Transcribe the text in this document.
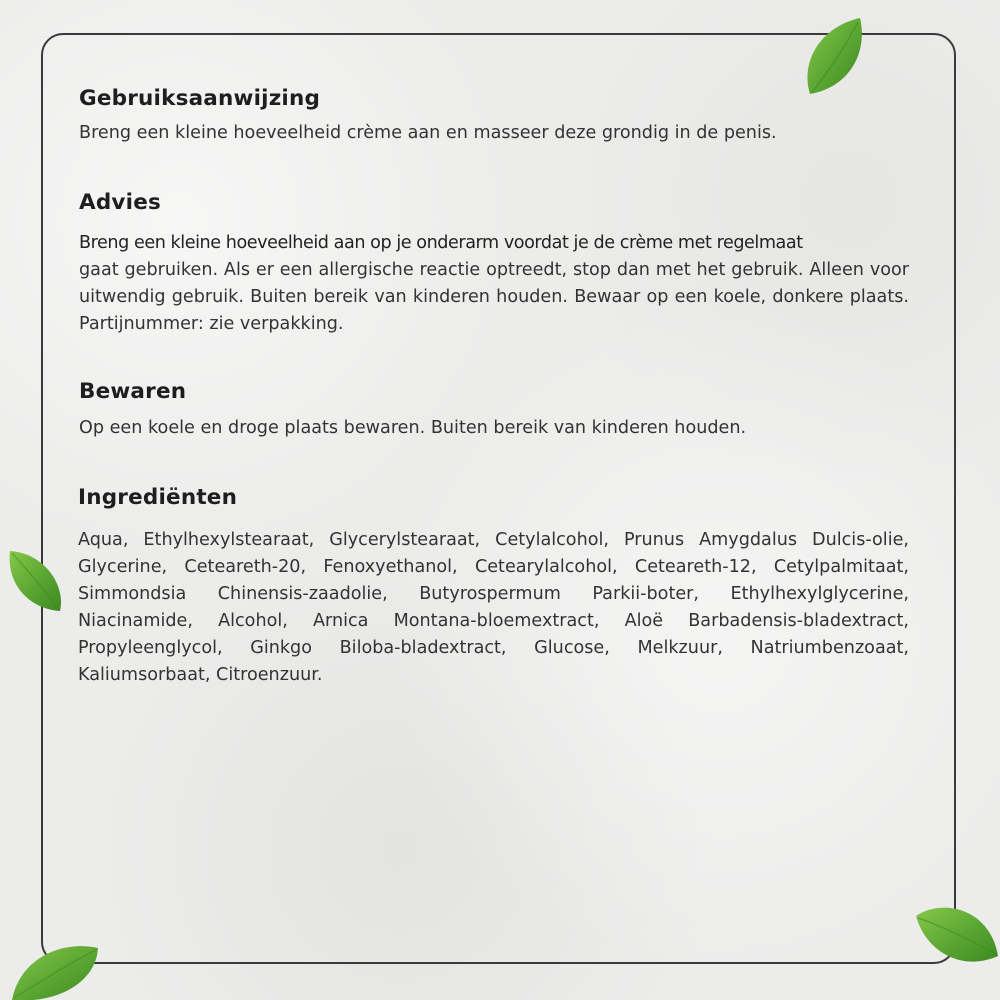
Gebruiksaanwijzing

Breng een kleine hoeveelheid crème aan en masseer deze grondig in de penis.

Advies

Breng een kleine hoeveelheid aan op je onderarm voordat je de crème met regelmaat
gaat gebruiken. Als er een allergische reactie optreedt, stop dan met het gebruik. Alleen voor uitwendig gebruik. Buiten bereik van kinderen houden. Bewaar op een koele, donkere plaats. Partijnummer: zie verpakking.

Bewaren

Op een koele en droge plaats bewaren. Buiten bereik van kinderen houden.

Ingrediënten

Aqua, Ethylhexylstearaat, Glycerylstearaat, Cetylalcohol, Prunus Amygdalus Dulcis-olie, Glycerine, Ceteareth-20, Fenoxyethanol, Cetearylalcohol, Ceteareth-12, Cetylpalmitaat, Simmondsia Chinensis-zaadolie, Butyrospermum Parkii-boter, Ethylhexylglycerine, Niacinamide, Alcohol, Arnica Montana-bloemextract, Aloë Barbadensis-bladextract, Propyleenglycol, Ginkgo Biloba-bladextract, Glucose, Melkzuur, Natriumbenzoaat, Kaliumsorbaat, Citroenzuur.
